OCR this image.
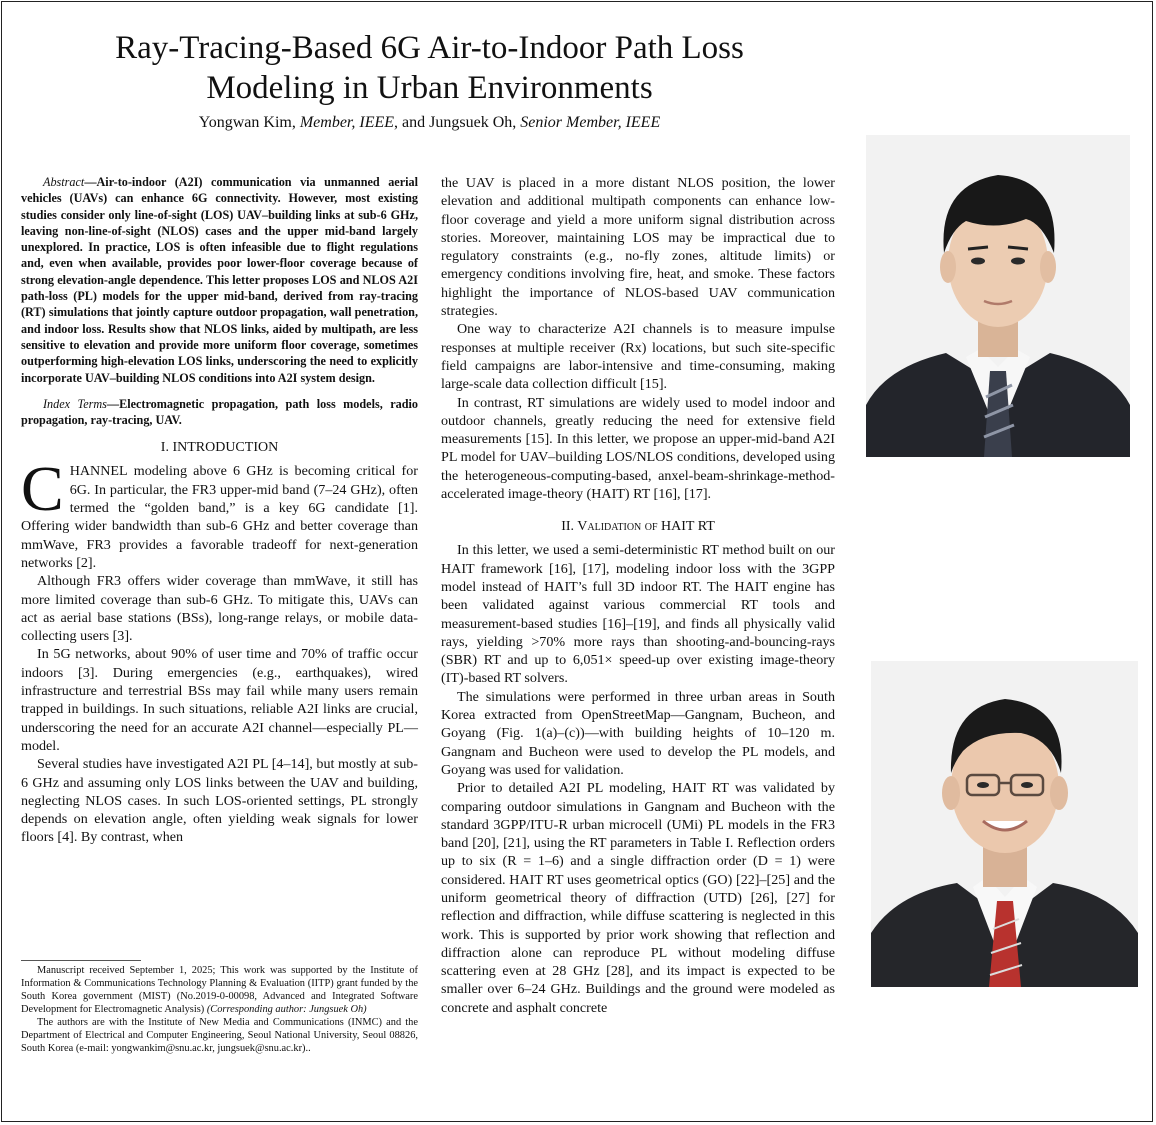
Ray-Tracing-Based 6G Air-to-Indoor Path Loss
Modeling in Urban Environments
Yongwan Kim, Member, IEEE, and Jungsuek Oh, Senior Member, IEEE

Abstract—Air-to-indoor (A2I) communication via unmanned aerial vehicles (UAVs) can enhance 6G connectivity. However, most existing studies consider only line-of-sight (LOS) UAV–building links at sub-6 GHz, leaving non-line-of-sight (NLOS) cases and the upper mid-band largely unexplored. In practice, LOS is often infeasible due to flight regulations and, even when available, provides poor lower-floor coverage because of strong elevation-angle dependence. This letter proposes LOS and NLOS A2I path-loss (PL) models for the upper mid-band, derived from ray-tracing (RT) simulations that jointly capture outdoor propagation, wall penetration, and indoor loss. Results show that NLOS links, aided by multipath, are less sensitive to elevation and provide more uniform floor coverage, sometimes outperforming high-elevation LOS links, underscoring the need to explicitly incorporate UAV–building NLOS conditions into A2I system design.

Index Terms—Electromagnetic propagation, path loss models, radio propagation, ray-tracing, UAV.

I. INTRODUCTION

CHANNEL modeling above 6 GHz is becoming critical for 6G. In particular, the FR3 upper-mid band (7–24 GHz), often termed the “golden band,” is a key 6G candidate [1]. Offering wider bandwidth than sub-6 GHz and better coverage than mmWave, FR3 provides a favorable tradeoff for next-generation networks [2].

Although FR3 offers wider coverage than mmWave, it still has more limited coverage than sub-6 GHz. To mitigate this, UAVs can act as aerial base stations (BSs), long-range relays, or mobile data-collecting users [3].

In 5G networks, about 90% of user time and 70% of traffic occur indoors [3]. During emergencies (e.g., earthquakes), wired infrastructure and terrestrial BSs may fail while many users remain trapped in buildings. In such situations, reliable A2I links are crucial, underscoring the need for an accurate A2I channel—especially PL—model.

Several studies have investigated A2I PL [4–14], but mostly at sub-6 GHz and assuming only LOS links between the UAV and building, neglecting NLOS cases. In such LOS-oriented settings, PL strongly depends on elevation angle, often yielding weak signals for lower floors [4]. By contrast, when

Manuscript received September 1, 2025; This work was supported by the Institute of Information & Communications Technology Planning & Evaluation (IITP) grant funded by the South Korea government (MIST) (No.2019-0-00098, Advanced and Integrated Software Development for Electromagnetic Analysis) (Corresponding author: Jungsuek Oh)

The authors are with the Institute of New Media and Communications (INMC) and the Department of Electrical and Computer Engineering, Seoul National University, Seoul 08826, South Korea (e-mail: yongwankim@snu.ac.kr, jungsuek@snu.ac.kr)..

the UAV is placed in a more distant NLOS position, the lower elevation and additional multipath components can enhance low-floor coverage and yield a more uniform signal distribution across stories. Moreover, maintaining LOS may be impractical due to regulatory constraints (e.g., no-fly zones, altitude limits) or emergency conditions involving fire, heat, and smoke. These factors highlight the importance of NLOS-based UAV communication strategies.

One way to characterize A2I channels is to measure impulse responses at multiple receiver (Rx) locations, but such site-specific field campaigns are labor-intensive and time-consuming, making large-scale data collection difficult [15].

In contrast, RT simulations are widely used to model indoor and outdoor channels, greatly reducing the need for extensive field measurements [15]. In this letter, we propose an upper-mid-band A2I PL model for UAV–building LOS/NLOS conditions, developed using the heterogeneous-computing-based, anxel-beam-shrinkage-method-accelerated image-theory (HAIT) RT [16], [17].

II. Validation of HAIT RT

In this letter, we used a semi-deterministic RT method built on our HAIT framework [16], [17], modeling indoor loss with the 3GPP model instead of HAIT’s full 3D indoor RT. The HAIT engine has been validated against various commercial RT tools and measurement-based studies [16]–[19], and finds all physically valid rays, yielding >70% more rays than shooting-and-bouncing-rays (SBR) RT and up to 6,051× speed-up over existing image-theory (IT)-based RT solvers.

The simulations were performed in three urban areas in South Korea extracted from OpenStreetMap—Gangnam, Bucheon, and Goyang (Fig. 1(a)–(c))—with building heights of 10–120 m. Gangnam and Bucheon were used to develop the PL models, and Goyang was used for validation.

Prior to detailed A2I PL modeling, HAIT RT was validated by comparing outdoor simulations in Gangnam and Bucheon with the standard 3GPP/ITU-R urban microcell (UMi) PL models in the FR3 band [20], [21], using the RT parameters in Table I. Reflection orders up to six (R = 1–6) and a single diffraction order (D = 1) were considered. HAIT RT uses geometrical optics (GO) [22]–[25] and the uniform geometrical theory of diffraction (UTD) [26], [27] for reflection and diffraction, while diffuse scattering is neglected in this work. This is supported by prior work showing that reflection and diffraction alone can reproduce PL without modeling diffuse scattering even at 28 GHz [28], and its impact is expected to be smaller over 6–24 GHz. Buildings and the ground were modeled as concrete and asphalt concrete
